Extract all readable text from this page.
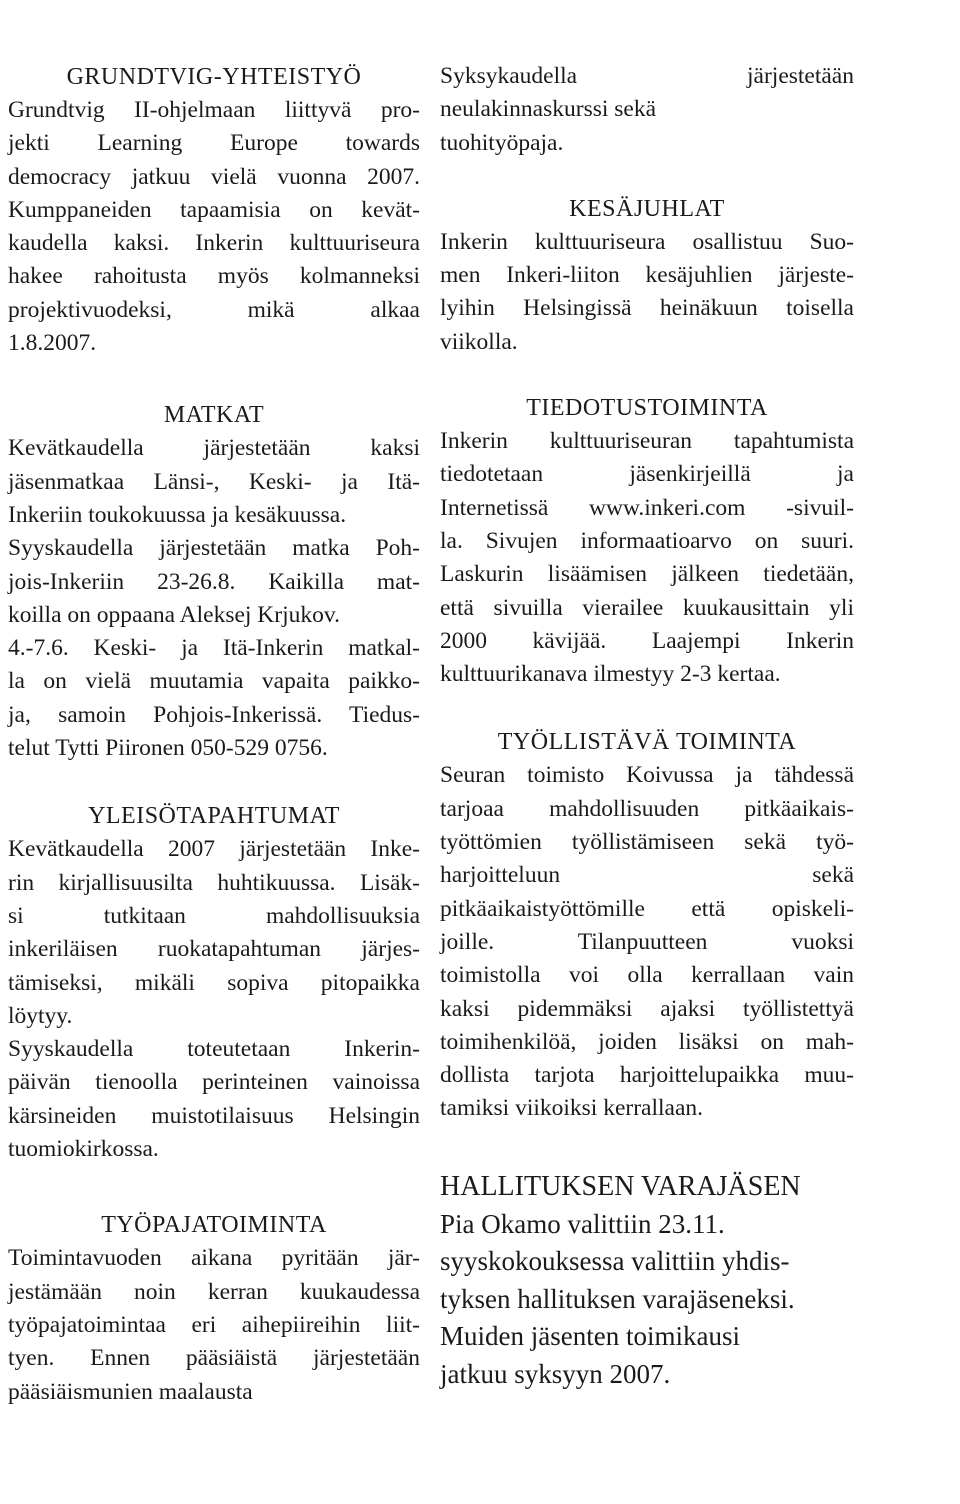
GRUNDTVIG-YHTEISTYÖ
Grundtvig II-ohjelmaan liittyvä pro-
jekti Learning Europe towards
democracy jatkuu vielä vuonna 2007.
Kumppaneiden tapaamisia on kevät-
kaudella kaksi. Inkerin kulttuuriseura
hakee rahoitusta myös kolmanneksi
projektivuodeksi, mikä alkaa
1.8.2007.
MATKAT
Kevätkaudella järjestetään kaksi
jäsenmatkaa Länsi-, Keski- ja Itä-
Inkeriin toukokuussa ja kesäkuussa.
Syyskaudella järjestetään matka Poh-
jois-Inkeriin 23-26.8. Kaikilla mat-
koilla on oppaana Aleksej Krjukov.
4.-7.6. Keski- ja Itä-Inkerin matkal-
la on vielä muutamia vapaita paikko-
ja, samoin Pohjois-Inkerissä. Tiedus-
telut Tytti Piironen 050-529 0756.
YLEISÖTAPAHTUMAT
Kevätkaudella 2007 järjestetään Inke-
rin kirjallisuusilta huhtikuussa. Lisäk-
si tutkitaan mahdollisuuksia
inkeriläisen ruokatapahtuman järjes-
tämiseksi, mikäli sopiva pitopaikka
löytyy.
Syyskaudella toteutetaan Inkerin-
päivän tienoolla perinteinen vainoissa
kärsineiden muistotilaisuus Helsingin
tuomiokirkossa.
TYÖPAJATOIMINTA
Toimintavuoden aikana pyritään jär-
jestämään noin kerran kuukaudessa
työpajatoimintaa eri aihepiireihin liit-
tyen. Ennen pääsiäistä järjestetään
pääsiäismunien maalausta
Syksykaudella järjestetään
neulakinnaskurssi sekä
tuohityöpaja.
KESÄJUHLAT
Inkerin kulttuuriseura osallistuu Suo-
men Inkeri-liiton kesäjuhlien järjeste-
lyihin Helsingissä heinäkuun toisella
viikolla.
TIEDOTUSTOIMINTA
Inkerin kulttuuriseuran tapahtumista
tiedotetaan jäsenkirjeillä ja
Internetissä www.inkeri.com -sivuil-
la. Sivujen informaatioarvo on suuri.
Laskurin lisäämisen jälkeen tiedetään,
että sivuilla vierailee kuukausittain yli
2000 kävijää. Laajempi Inkerin
kulttuurikanava ilmestyy 2-3 kertaa.
TYÖLLISTÄVÄ TOIMINTA
Seuran toimisto Koivussa ja tähdessä
tarjoaa mahdollisuuden pitkäaikais-
työttömien työllistämiseen sekä työ-
harjoitteluun sekä
pitkäaikaistyöttömille että opiskeli-
joille. Tilanpuutteen vuoksi
toimistolla voi olla kerrallaan vain
kaksi pidemmäksi ajaksi työllistettyä
toimihenkilöä, joiden lisäksi on mah-
dollista tarjota harjoittelupaikka muu-
tamiksi viikoiksi kerrallaan.
HALLITUKSEN VARAJÄSEN
Pia Okamo valittiin 23.11.
syyskokouksessa valittiin yhdis-
tyksen hallituksen varajäseneksi.
Muiden jäsenten toimikausi
jatkuu syksyyn 2007.
